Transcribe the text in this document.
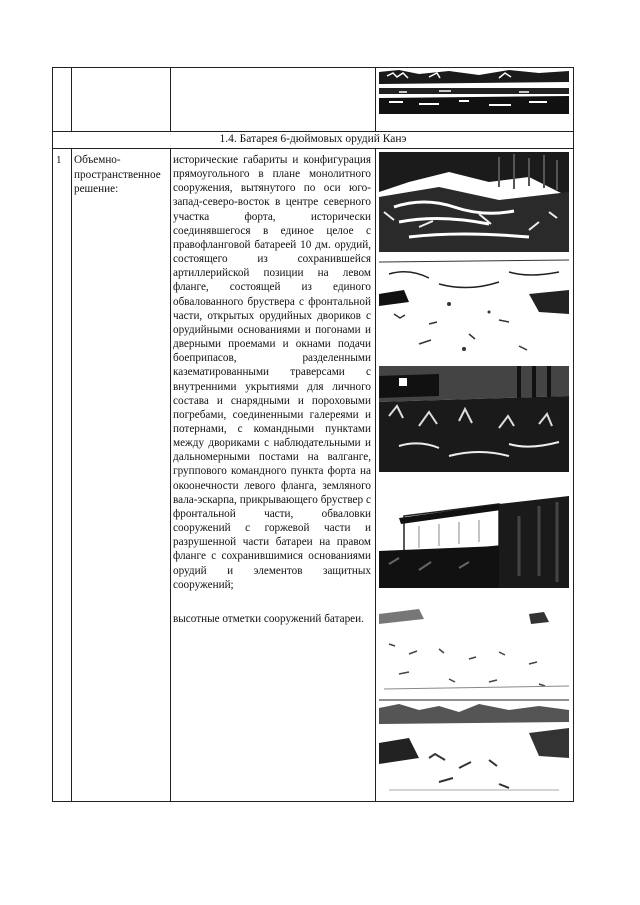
1.4. Батарея 6-дюймовых орудий Канэ
1 Объемно-
пространственное
решение:

исторические габариты и конфигурация прямоугольного в плане монолитного сооружения, вытянутого по оси юго-запад-северо-восток в центре северного участка форта, исторически соединявшегося в единое целое с правофланговой батареей 10 дм. орудий, состоящего из сохранившейся артиллерийской позиции на левом фланге, состоящей из единого обвалованного бруствера с фронтальной части, открытых орудийных двориков с орудийными основаниями и погонами и дверными проемами и окнами подачи боеприпасов, разделенными казематированными траверсами с внутренними укрытиями для личного состава и снарядными и пороховыми погребами, соединенными галереями и потернами, с командными пунктами между двориками с наблюдательными и дальномерными постами на валганге, группового командного пункта форта на окоонечности левого фланга, земляного вала-эскарпа, прикрывающего бруствер с фронтальной части, обваловки сооружений с горжевой части и разрушенной части батареи на правом фланге с сохранившимися основаниями орудий и элементов защитных сооружений;

высотные отметки сооружений батареи.
